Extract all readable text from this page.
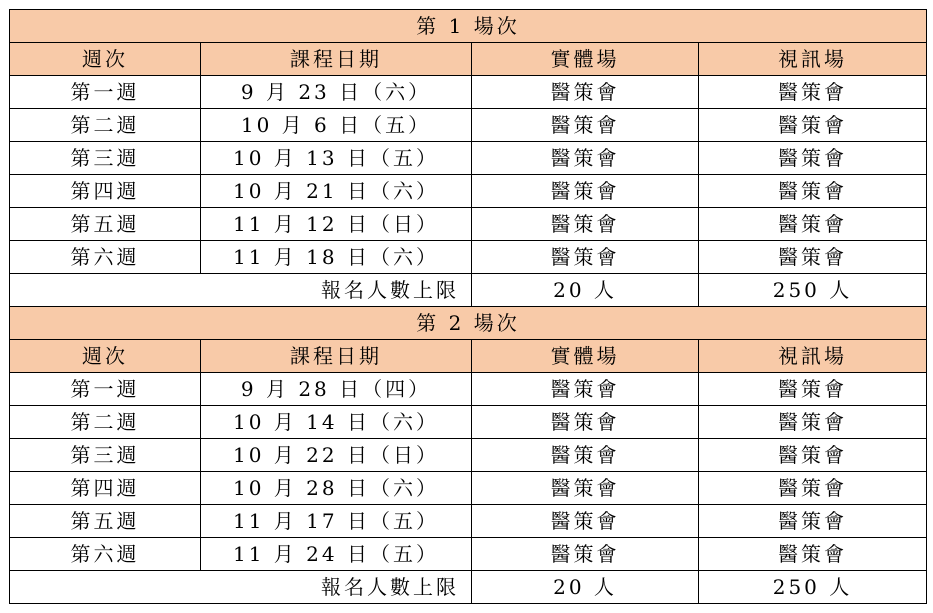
第 1 場次			
週次	課程日期	實體場	視訊場
第一週	9 月 23 日（六）	醫策會	醫策會
第二週	10 月 6 日（五）	醫策會	醫策會
第三週	10 月 13 日（五）	醫策會	醫策會
第四週	10 月 21 日（六）	醫策會	醫策會
第五週	11 月 12 日（日）	醫策會	醫策會
第六週	11 月 18 日（六）	醫策會	醫策會
報名人數上限		20 人	250 人
第 2 場次			
週次	課程日期	實體場	視訊場
第一週	9 月 28 日（四）	醫策會	醫策會
第二週	10 月 14 日（六）	醫策會	醫策會
第三週	10 月 22 日（日）	醫策會	醫策會
第四週	10 月 28 日（六）	醫策會	醫策會
第五週	11 月 17 日（五）	醫策會	醫策會
第六週	11 月 24 日（五）	醫策會	醫策會
報名人數上限		20 人	250 人
